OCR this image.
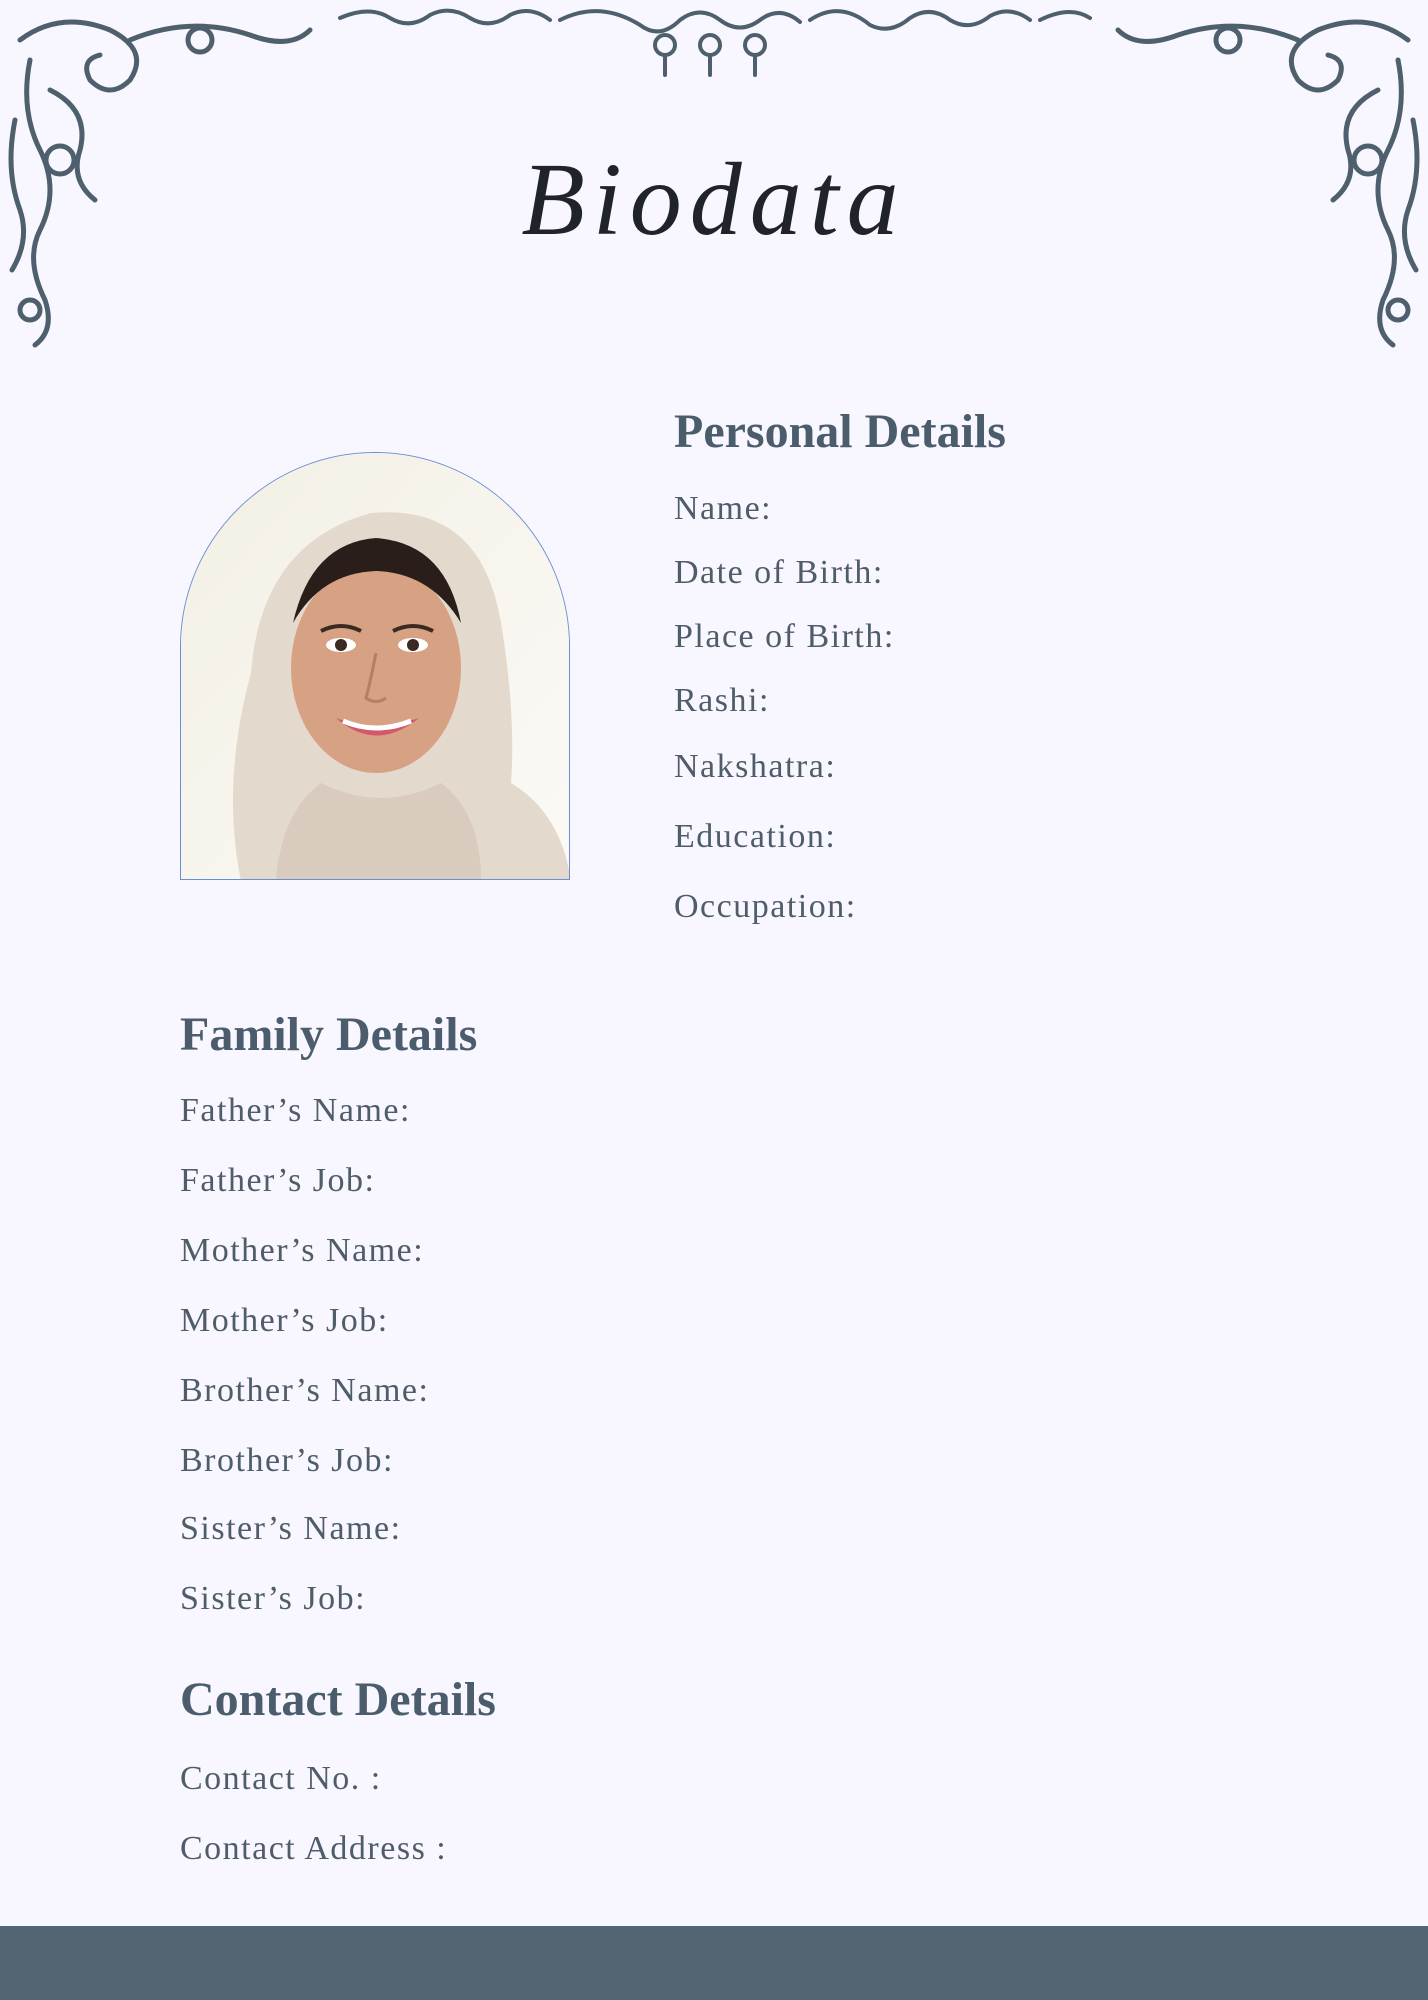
Biodata
Personal Details
Name:
Date of Birth:
Place of Birth:
Rashi:
Nakshatra:
Education:
Occupation:
Family Details
Father’s Name:
Father’s Job:
Mother’s Name:
Mother’s Job:
Brother’s Name:
Brother’s Job:
Sister’s Name:
Sister’s Job:
Contact Details
Contact No. :
Contact Address :
